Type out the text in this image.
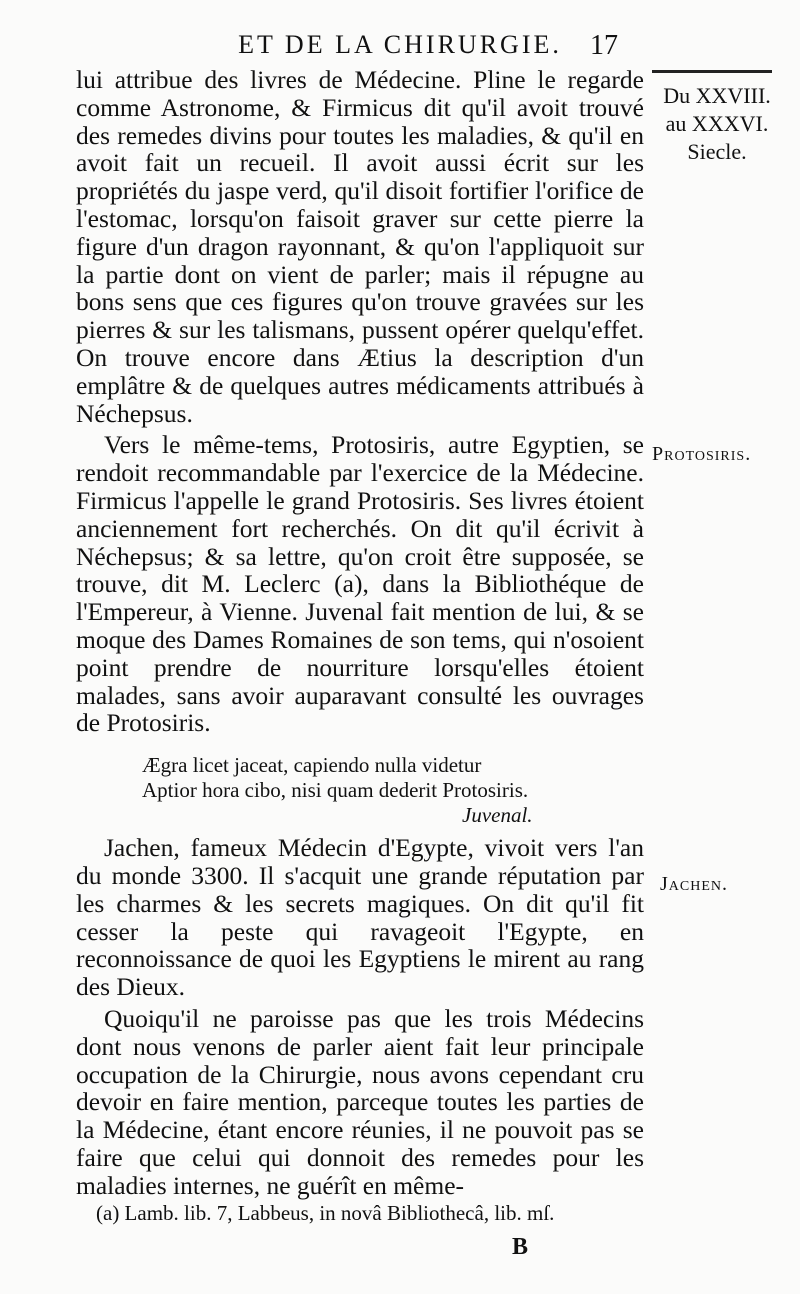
ET DE LA CHIRURGIE.	17
Du XXVIII. au XXXVI. Siecle.
Protosiris.
Jachen.

lui attribue des livres de Médecine. Pline le regarde comme Astronome, & Firmicus dit qu'il avoit trouvé des remedes divins pour toutes les maladies, & qu'il en avoit fait un recueil. Il avoit aussi écrit sur les propriétés du jaspe verd, qu'il disoit fortifier l'orifice de l'estomac, lorsqu'on faisoit graver sur cette pierre la figure d'un dragon rayonnant, & qu'on l'appliquoit sur la partie dont on vient de parler; mais il répugne au bons sens que ces figures qu'on trouve gravées sur les pierres & sur les talismans, pussent opérer quelqu'effet. On trouve encore dans Ætius la description d'un emplâtre & de quelques autres médicaments attribués à Néchepsus.

Vers le même-tems, Protosiris, autre Egyptien, se rendoit recommandable par l'exercice de la Médecine. Firmicus l'appelle le grand Protosiris. Ses livres étoient anciennement fort recherchés. On dit qu'il écrivit à Néchepsus; & sa lettre, qu'on croit être supposée, se trouve, dit M. Leclerc (a), dans la Bibliothéque de l'Empereur, à Vienne. Juvenal fait mention de lui, & se moque des Dames Romaines de son tems, qui n'osoient point prendre de nourriture lorsqu'elles étoient malades, sans avoir auparavant consulté les ouvrages de Protosiris.

Ægra licet jaceat, capiendo nulla videtur
Aptior hora cibo, nisi quam dederit Protosiris.
Juvenal.

Jachen, fameux Médecin d'Egypte, vivoit vers l'an du monde 3300. Il s'acquit une grande réputation par les charmes & les secrets magiques. On dit qu'il fit cesser la peste qui ravageoit l'Egypte, en reconnoissance de quoi les Egyptiens le mirent au rang des Dieux.

Quoiqu'il ne paroisse pas que les trois Médecins dont nous venons de parler aient fait leur principale occupation de la Chirurgie, nous avons cependant cru devoir en faire mention, parceque toutes les parties de la Médecine, étant encore réunies, il ne pouvoit pas se faire que celui qui donnoit des remedes pour les maladies internes, ne guérît en même-

(a) Lamb. lib. 7, Labbeus, in novâ Bibliothecâ, lib. mſ.
B
